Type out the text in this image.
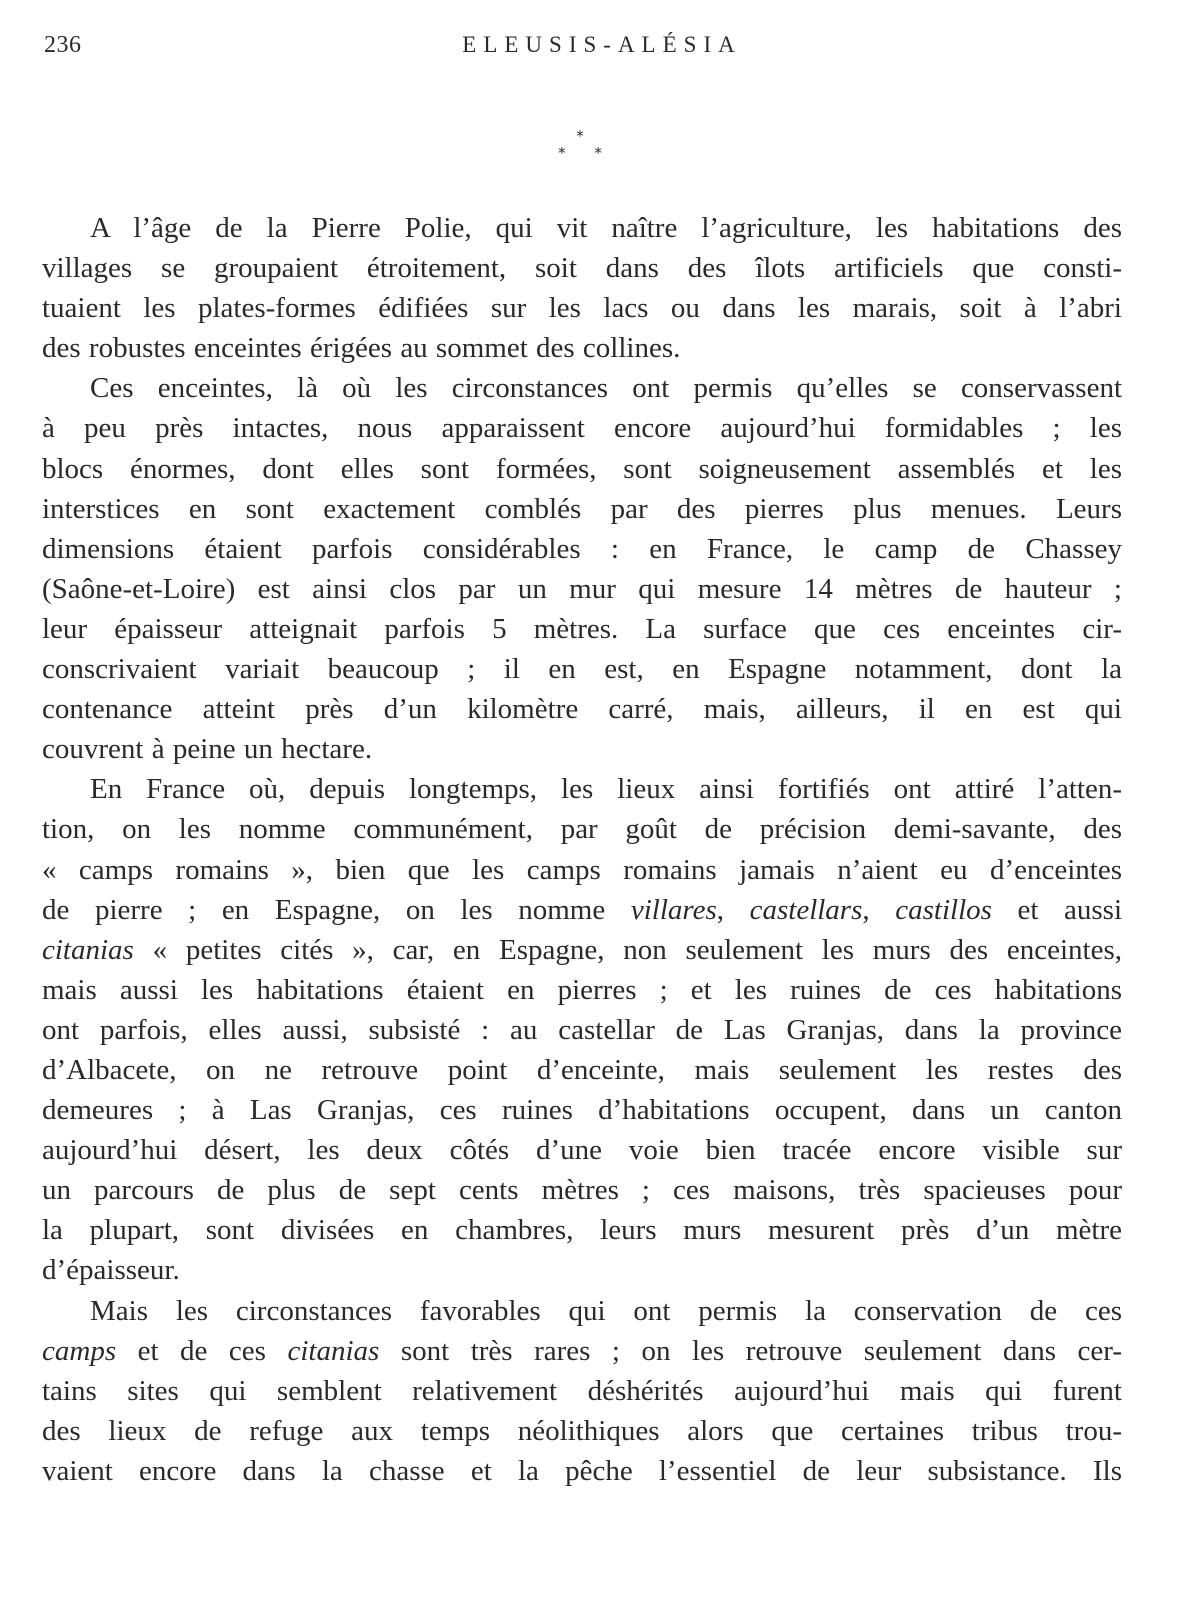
236	ELEUSIS-ALÉSIA
*
* *

A l’âge de la Pierre Polie, qui vit naître l’agriculture, les habitations des
villages se groupaient étroitement, soit dans des îlots artificiels que consti-
tuaient les plates-formes édifiées sur les lacs ou dans les marais, soit à l’abri
des robustes enceintes érigées au sommet des collines.

Ces enceintes, là où les circonstances ont permis qu’elles se conservassent
à peu près intactes, nous apparaissent encore aujourd’hui formidables ; les
blocs énormes, dont elles sont formées, sont soigneusement assemblés et les
interstices en sont exactement comblés par des pierres plus menues. Leurs
dimensions étaient parfois considérables : en France, le camp de Chassey
(Saône-et-Loire) est ainsi clos par un mur qui mesure 14 mètres de hauteur ;
leur épaisseur atteignait parfois 5 mètres. La surface que ces enceintes cir-
conscrivaient variait beaucoup ; il en est, en Espagne notamment, dont la
contenance atteint près d’un kilomètre carré, mais, ailleurs, il en est qui
couvrent à peine un hectare.

En France où, depuis longtemps, les lieux ainsi fortifiés ont attiré l’atten-
tion, on les nomme communément, par goût de précision demi-savante, des
« camps romains », bien que les camps romains jamais n’aient eu d’enceintes
de pierre ; en Espagne, on les nomme villares, castellars, castillos et aussi
citanias « petites cités », car, en Espagne, non seulement les murs des enceintes,
mais aussi les habitations étaient en pierres ; et les ruines de ces habitations
ont parfois, elles aussi, subsisté : au castellar de Las Granjas, dans la province
d’Albacete, on ne retrouve point d’enceinte, mais seulement les restes des
demeures ; à Las Granjas, ces ruines d’habitations occupent, dans un canton
aujourd’hui désert, les deux côtés d’une voie bien tracée encore visible sur
un parcours de plus de sept cents mètres ; ces maisons, très spacieuses pour
la plupart, sont divisées en chambres, leurs murs mesurent près d’un mètre
d’épaisseur.

Mais les circonstances favorables qui ont permis la conservation de ces
camps et de ces citanias sont très rares ; on les retrouve seulement dans cer-
tains sites qui semblent relativement déshérités aujourd’hui mais qui furent
des lieux de refuge aux temps néolithiques alors que certaines tribus trou-
vaient encore dans la chasse et la pêche l’essentiel de leur subsistance. Ils
